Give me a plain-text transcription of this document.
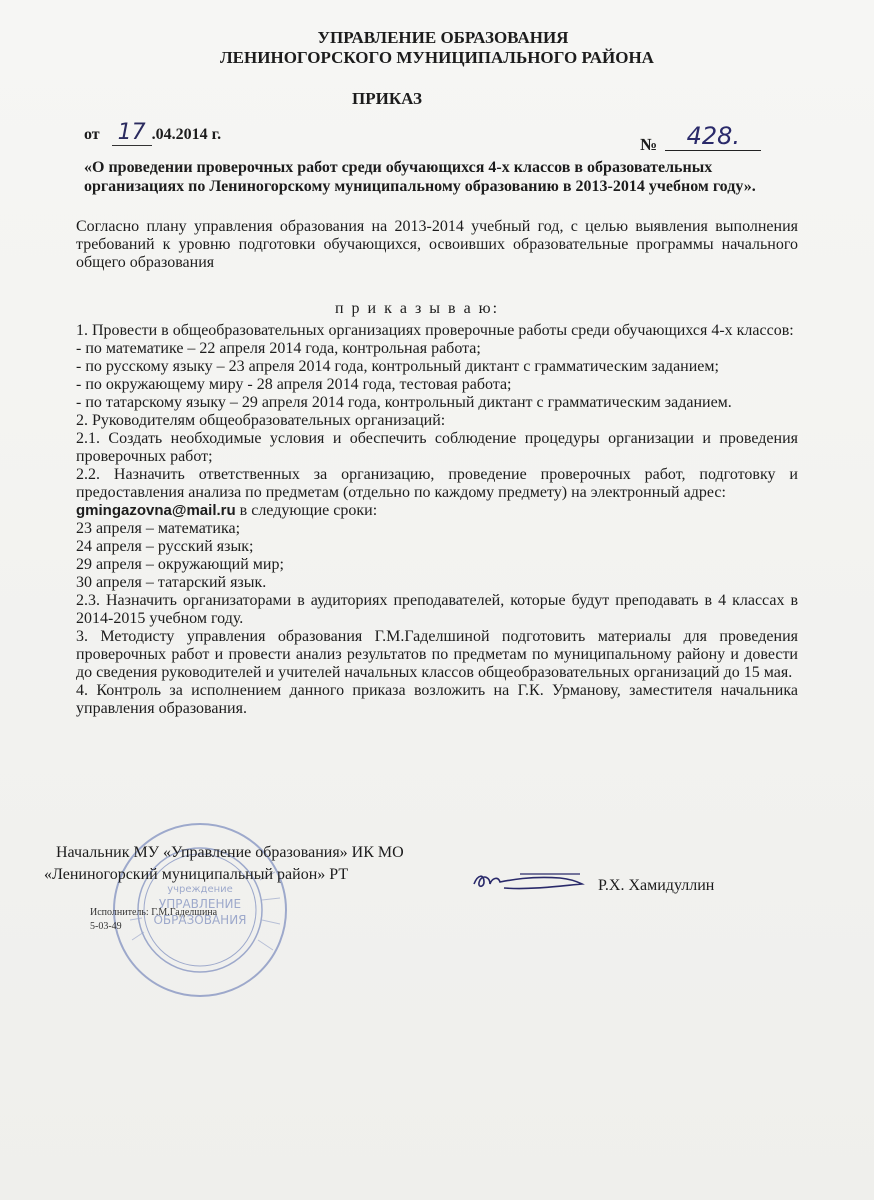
УПРАВЛЕНИЕ ОБРАЗОВАНИЯ
ЛЕНИНОГОРСКОГО МУНИЦИПАЛЬНОГО РАЙОНА
ПРИКАЗ
от 17 .04.2014 г.
№ 428.
«О проведении проверочных работ среди обучающихся 4-х классов в образовательных организациях по Лениногорскому муниципальному образованию в 2013-2014 учебном году».

Согласно плану управления образования на 2013-2014 учебный год, с целью выявления выполнения требований к уровню подготовки обучающихся, освоивших образовательные программы начального общего образования

п р и к а з ы в а ю:

1. Провести в общеобразовательных организациях проверочные работы среди обучающихся 4-х классов:

- по математике – 22 апреля 2014 года, контрольная работа;

- по русскому языку – 23 апреля 2014 года, контрольный диктант с грамматическим заданием;

- по окружающему миру - 28 апреля 2014 года, тестовая работа;

- по татарскому языку – 29 апреля 2014 года, контрольный диктант с грамматическим заданием.

2. Руководителям общеобразовательных организаций:

2.1. Создать необходимые условия и обеспечить соблюдение процедуры организации и проведения проверочных работ;

2.2. Назначить ответственных за организацию, проведение проверочных работ, подготовку и предоставления анализа по предметам (отдельно по каждому предмету) на электронный адрес:

gmingazovna@mail.ru в следующие сроки:

23 апреля – математика;

24 апреля – русский язык;

29 апреля – окружающий мир;

30 апреля – татарский язык.

2.3. Назначить организаторами в аудиториях преподавателей, которые будут преподавать в 4 классах в 2014-2015 учебном году.

3. Методисту управления образования Г.М.Гаделшиной подготовить материалы для проведения проверочных работ и провести анализ результатов по предметам по муниципальному району и довести до сведения руководителей и учителей начальных классов общеобразовательных организаций до 15 мая.

4. Контроль за исполнением данного приказа возложить на Г.К. Урманову, заместителя начальника управления образования.

учреждение
УПРАВЛЕНИЕ
ОБРАЗОВАНИЯ
Начальник МУ «Управление образования» ИК МО
«Лениногорский муниципальный район» РТ
Р.Х. Хамидуллин
Исполнитель: Г.М.Гаделшина
5-03-49
